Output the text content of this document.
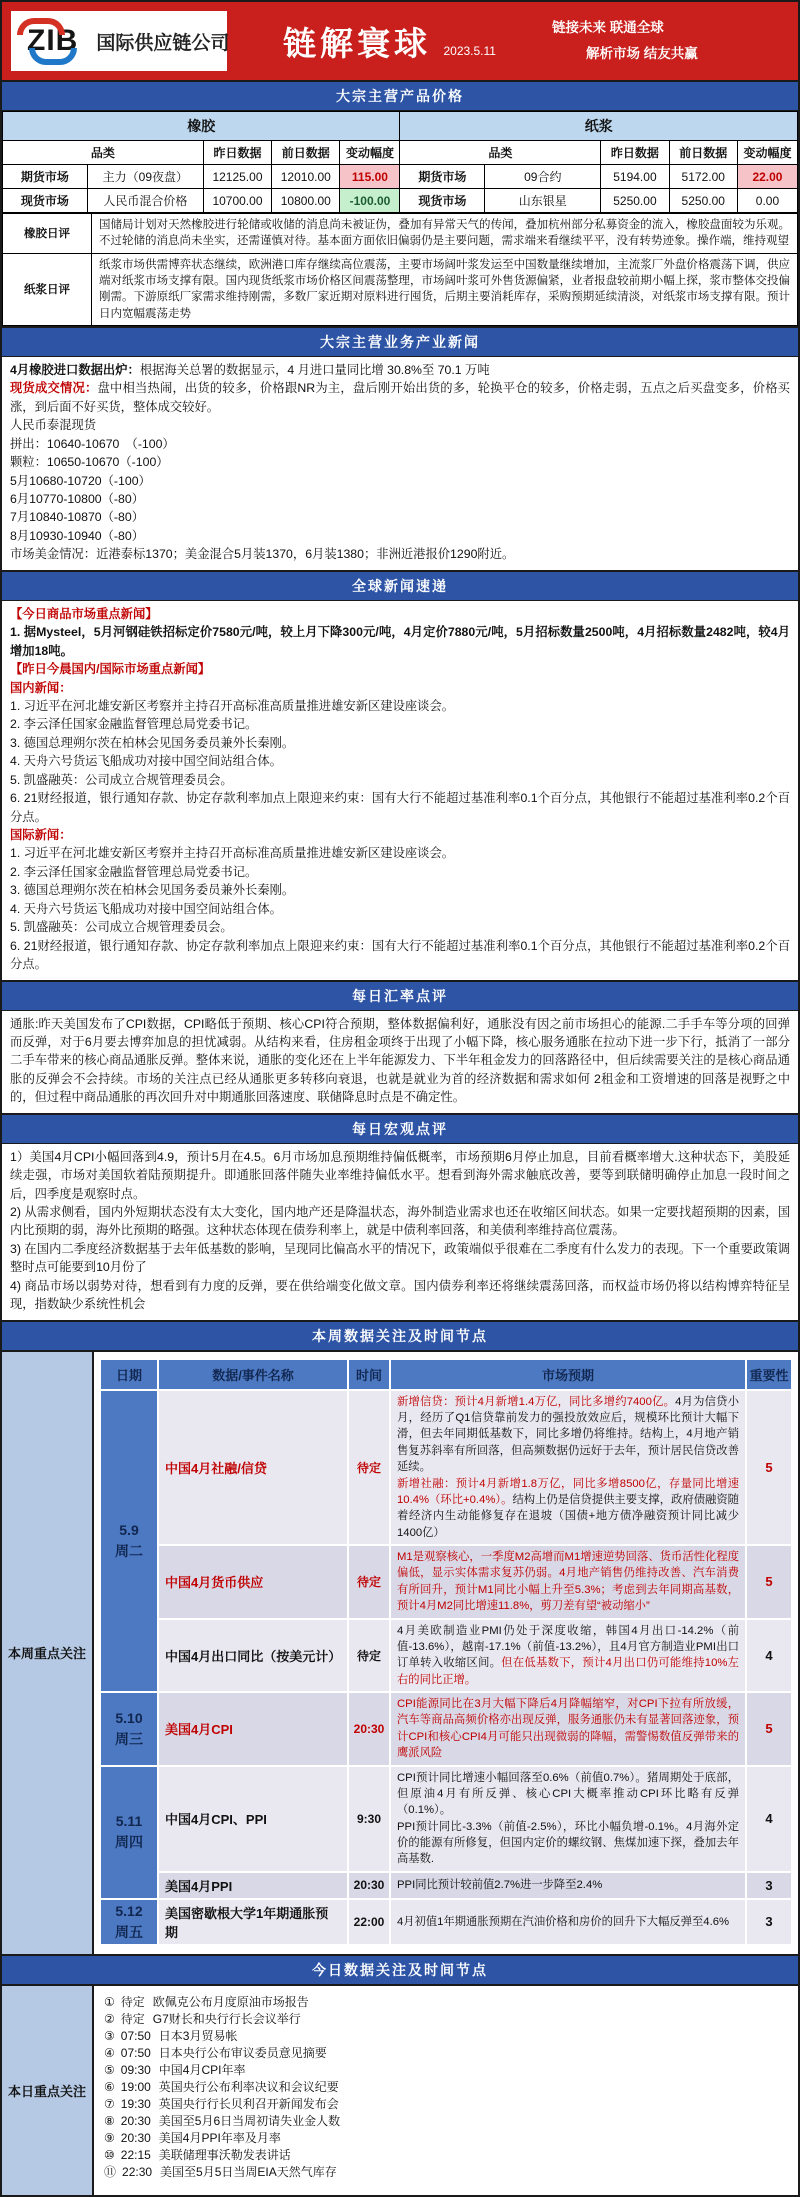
ZIB 国际供应链公司	链解寰球 $_{2023.5.11}$
链接未来 联通全球
解析市场 结友共赢
大宗主营产品价格
橡胶					纸浆				
品类		昨日数据	前日数据	变动幅度	品类		昨日数据	前日数据	变动幅度
期货市场	主力（09夜盘）	12125.00	12010.00	115.00	期货市场	09合约	5194.00	5172.00	22.00
现货市场	人民币混合价格	10700.00	10800.00	-100.00	现货市场	山东银星	5250.00	5250.00	0.00
橡胶日评	国储局计划对天然橡胶进行轮储或收储的消息尚未被证伪，叠加有异常天气的传闻，叠加杭州部分私募资金的流入，橡胶盘面较为乐观。不过轮储的消息尚未坐实，还需谨慎对待。基本面方面依旧偏弱仍是主要问题，需求端来看继续平平，没有转势迹象。操作端，维持观望
纸浆日评	纸浆市场供需博弈状态继续，欧洲港口库存继续高位震荡，主要市场阔叶浆发运至中国数量继续增加，主流浆厂外盘价格震荡下调，供应端对纸浆市场支撑有限。国内现货纸浆市场价格区间震荡整理，市场阔叶浆可外售货源偏紧，业者报盘较前期小幅上探，浆市整体交投偏刚需。下游原纸厂家需求维持刚需，多数厂家近期对原料进行囤货，后期主要消耗库存，采购预期延续清淡，对纸浆市场支撑有限。预计日内宽幅震荡走势
大宗主营业务产业新闻

4月橡胶进口数据出炉：根据海关总署的数据显示，4 月进口量同比增 30.8%至 70.1 万吨

现货成交情况：盘中相当热闹，出货的较多，价格跟NR为主，盘后刚开始出货的多，轮换平仓的较多，价格走弱，五点之后买盘变多，价格买涨，到后面不好买货，整体成交较好。

人民币泰混现货

拼出：10640-10670　（-100）

颗粒：10650-10670（-100）

5月10680-10720（-100）

6月10770-10800（-80）

7月10840-10870（-80）

8月10930-10940（-80）

市场美金情况：近港泰标1370；美金混合5月装1370，6月装1380；非洲近港报价1290附近。

全球新闻速递

【今日商品市场重点新闻】

1. 据Mysteel，5月河钢硅铁招标定价7580元/吨，较上月下降300元/吨，4月定价7880元/吨，5月招标数量2500吨，4月招标数量2482吨，较4月增加18吨。

【昨日今晨国内/国际市场重点新闻】

国内新闻：

1. 习近平在河北雄安新区考察并主持召开高标准高质量推进雄安新区建设座谈会。

2. 李云泽任国家金融监督管理总局党委书记。

3. 德国总理朔尔茨在柏林会见国务委员兼外长秦刚。

4. 天舟六号货运飞船成功对接中国空间站组合体。

5. 凯盛融英：公司成立合规管理委员会。

6. 21财经报道，银行通知存款、协定存款利率加点上限迎来约束：国有大行不能超过基准利率0.1个百分点，其他银行不能超过基准利率0.2个百分点。

国际新闻：

1. 习近平在河北雄安新区考察并主持召开高标准高质量推进雄安新区建设座谈会。

2. 李云泽任国家金融监督管理总局党委书记。

3. 德国总理朔尔茨在柏林会见国务委员兼外长秦刚。

4. 天舟六号货运飞船成功对接中国空间站组合体。

5. 凯盛融英：公司成立合规管理委员会。

6. 21财经报道，银行通知存款、协定存款利率加点上限迎来约束：国有大行不能超过基准利率0.1个百分点，其他银行不能超过基准利率0.2个百分点。

每日汇率点评

通胀:昨天美国发布了CPI数据，CPI略低于预期、核心CPI符合预期，整体数据偏利好，通胀没有因之前市场担心的能源.二手手车等分项的回弹而反弹，对于6月要去博弈加息的担忧减弱。从结构来看，住房租金项终于出现了小幅下降，核心服务通胀在拉动下进一步下行，抵消了一部分二手车带来的核心商品通胀反弹。整体来说，通胀的变化还在上半年能源发力、下半年租金发力的回落路径中，但后续需要关注的是核心商品通胀的反弹会不会持续。市场的关注点已经从通胀更多转移向衰退，也就是就业为首的经济数据和需求如何 2租金和工资增速的回落是视野之中的，但过程中商品通胀的再次回升对中期通胀回落速度、联储降息时点是不确定性。

每日宏观点评

1）美国4月CPI小幅回落到4.9，预计5月在4.5。6月市场加息预期维持偏低概率，市场预期6月停止加息，目前看概率增大.这种状态下，美股延续走强，市场对美国软着陆预期提升。即通胀回落伴随失业率维持偏低水平。想看到海外需求触底改善，要等到联储明确停止加息一段时间之后，四季度是观察时点。

2) 从需求侧看，国内外短期状态没有太大变化，国内地产还是降温状态，海外制造业需求也还在收缩区间状态。如果一定要找超预期的因素，国内比预期的弱，海外比预期的略强。这种状态体现在债券利率上，就是中债利率回落，和美债利率维持高位震荡。

3) 在国内二季度经济数据基于去年低基数的影响，呈现同比偏高水平的情况下，政策端似乎很难在二季度有什么发力的表现。下一个重要政策调整时点可能要到10月份了

4) 商品市场以弱势对待，想看到有力度的反弹，要在供给端变化做文章。国内债券利率还将继续震荡回落，而权益市场仍将以结构博弈特征呈现，指数缺少系统性机会

本周数据关注及时间节点
本周重点关注
日期	数据/事件名称	时间	市场预期	重要性

5.9
周二
	中国4月社融/信贷	待定	新增信贷：预计4月新增1.4万亿，同比多增约7400亿。4月为信贷小月，经历了Q1信贷靠前发力的强投放效应后，规模环比预计大幅下滑，但去年同期低基数下，同比多增仍将维持。结构上，4月地产销售复苏斜率有所回落，但高频数据仍远好于去年，预计居民信贷改善延续。
新增社融：预计4月新增1.8万亿，同比多增8500亿，存量同比增速10.4%（环比+0.4%）。结构上仍是信贷提供主要支撑，政府债融资随着经济内生动能修复存在退坡（国债+地方债净融资预计同比减少1400亿）	5
	中国4月货币供应	待定	M1是观察核心，一季度M2高增而M1增速逆势回落、货币活性化程度偏低，显示实体需求复苏仍弱。4月地产销售仍维持改善、汽车消费有所回升，预计M1同比小幅上升至5.3%；考虑到去年同期高基数，预计4月M2同比增速11.8%，剪刀差有望“被动缩小”	5
	中国4月出口同比（按美元计）	待定	4月美欧制造业PMI仍处于深度收缩，韩国4月出口-14.2%（前值-13.6%），越南-17.1%（前值-13.2%），且4月官方制造业PMI出口订单转入收缩区间。但在低基数下，预计4月出口仍可能维持10%左右的同比正增。	4

5.10
周三	美国4月CPI	20:30	CPI能源同比在3月大幅下降后4月降幅缩窄，对CPI下拉有所放缓，汽车等商品高频价格亦出现反弹，服务通胀仍未有显著回落迹象，预计CPI和核心CPI4月可能只出现微弱的降幅，需警惕数值反弹带来的鹰派风险	5

5.11
周四
	中国4月CPI、PPI	9:30	CPI预计同比增速小幅回落至0.6%（前值0.7%）。猪周期处于底部，但原油4月有所反弹、核心CPI大概率推动CPI环比略有反弹（0.1%）。
PPI预计同比-3.3%（前值-2.5%），环比小幅负增-0.1%。4月海外定价的能源有所修复，但国内定价的螺纹钢、焦煤加速下探，叠加去年高基数.	4
	美国4月PPI	20:30	PPI同比预计较前值2.7%进一步降至2.4%	3

5.12
周五	美国密歇根大学1年期通胀预期	22:00	4月初值1年期通胀预期在汽油价格和房价的回升下大幅反弹至4.6%	3
今日数据关注及时间节点
本日重点关注
① 待定 欧佩克公布月度原油市场报告
② 待定 G7财长和央行行长会议举行
③ 07:50 日本3月贸易帐
④ 07:50 日本央行公布审议委员意见摘要
⑤ 09:30 中国4月CPI年率
⑥ 19:00 英国央行公布利率决议和会议纪要
⑦ 19:30 英国央行行长贝利召开新闻发布会
⑧ 20:30 美国至5月6日当周初请失业金人数
⑨ 20:30 美国4月PPI年率及月率
⑩ 22:15 美联储理事沃勒发表讲话
⑪ 22:30 美国至5月5日当周EIA天然气库存
